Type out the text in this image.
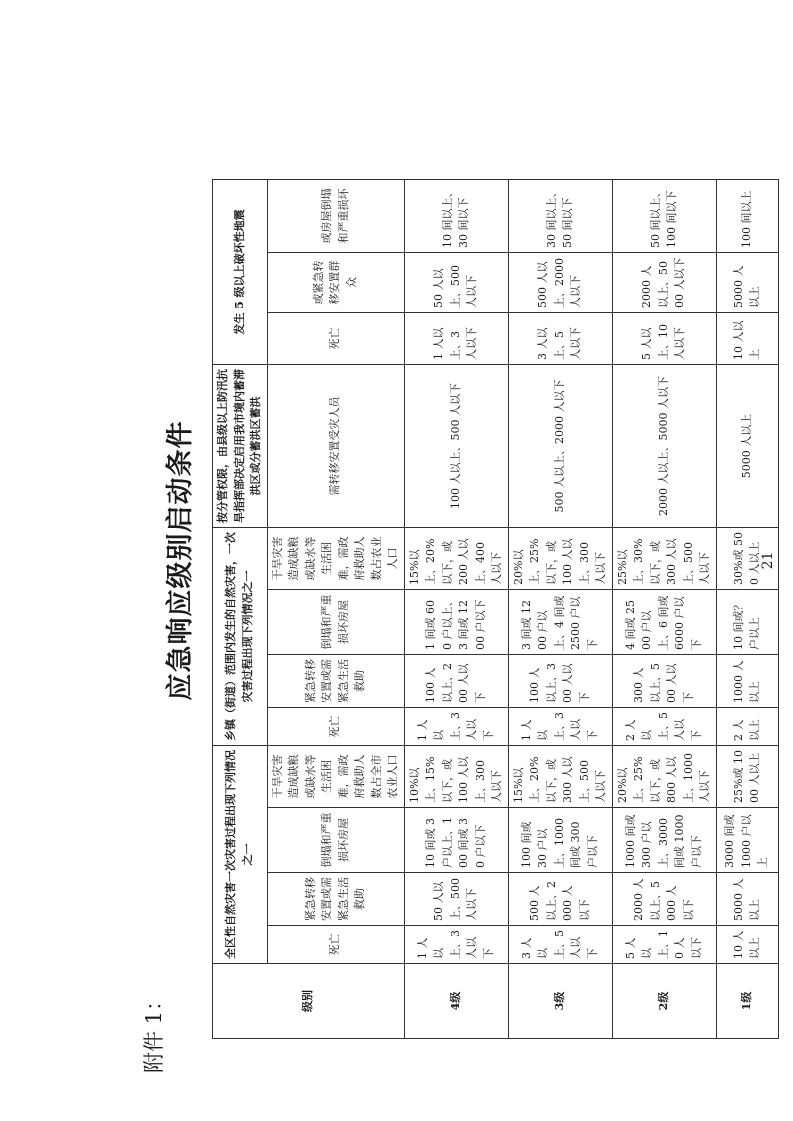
附件 1：
应急响应级别启动条件
级别	全区性自然灾害一次灾害过程出现下列情况之一				乡镇（街道）范围内发生的自然灾害，一次灾害过程出现下列情况之一				按分管权限，由县级以上防汛抗旱指挥部决定启用我市境内蓄滞洪区或分蓄洪区蓄洪	发生 5 级以上破坏性地震		
	死亡	紧急转移安置或需紧急生活救助	倒塌和严重损坏房屋	干旱灾害造成缺粮或缺水等生活困难，需政府救助人数占全市农业人口	死亡	紧急转移安置或需紧急生活救助	倒塌和严重损坏房屋	干旱灾害造成缺粮或缺水等生活困难，需政府救助人数占农业人口	需转移安置受灾人员	死亡	或紧急转移安置群众	或房屋倒塌和严重损坏
4级	1 人以上、3 人以下	50 人以上、500 人以下	10 间或 3 户以上、100 间或 30 户以下	10%以上、15%以下，或 100 人以上、300 人以下	1 人以上、3 人以下	100 人以上、200 人以下	1 间或 600 户以上、3 间或 1200 户以下	15%以上、20%以下，或 200 人以上、400 人以下	100 人以上、500 人以下	1 人以上、3 人以下	50 人以上、500 人以下	10 间以上、30 间以下
3级	3 人以上、5 人以下	500 人以上、2000 人以下	100 间或 30 户以上、1000 间或 300 户以下	15%以上、20%以下，或 300 人以上、500 人以下	1 人以上、3 人以下	100 人以上、300 人以下	3 间或 1200 户以上、4 间或 2500 户以下	20%以上、25%以下，或 100 人以上、300 人以下	500 人以上、2000 人以下	3 人以上、5 人以下	500 人以上、2000 人以下	30 间以上、50 间以下
2级	5 人以上、10 人以下	2000 人以上、5000 人以下	1000 间或 300 户以上、3000 间或 1000 户以下	20%以上、25%以下，或 800 人以上、1000 人以下	2 人以上、5 人以下	300 人以上、500 人以下	4 间或 2500 户以上、6 间或 6000 户以下	25%以上、30%以下，或 300 人以上、500 人以下	2000 人以上、5000 人以下	5 人以上、10 人以下	2000 人以上、5000 人以下	50 间以上、100 间以下
1级	10 人以上	5000 人以上	3000 间或 1000 户以上	25%或 1000 人以上	2 人以上	1000 人以上	10 间或？户以上	30%或 500 人以上	5000 人以上	10 人以上	5000 人以上	100 间以上
21
